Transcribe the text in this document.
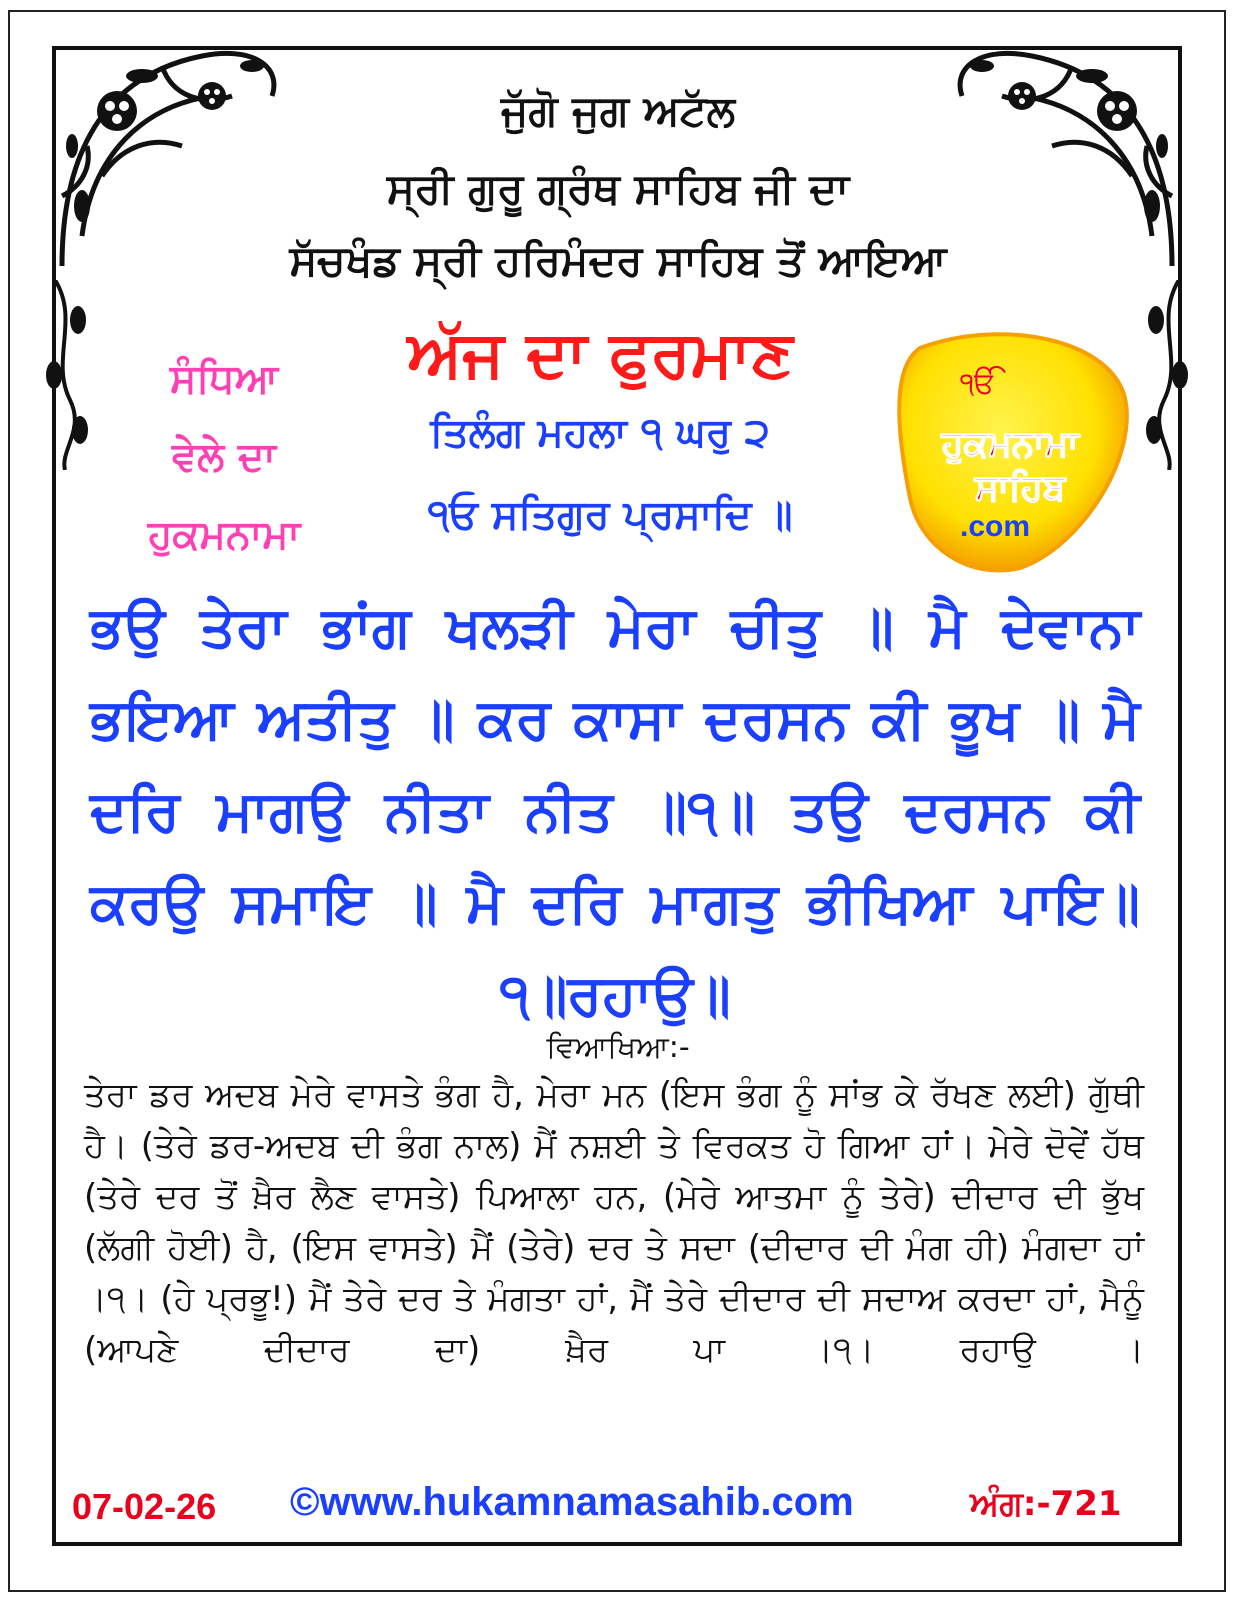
ਜੁੱਗੋ ਜੁਗ ਅਟੱਲ
ਸ੍ਰੀ ਗੁਰੂ ਗ੍ਰੰਥ ਸਾਹਿਬ ਜੀ ਦਾ
ਸੱਚਖੰਡ ਸ੍ਰੀ ਹਰਿਮੰਦਰ ਸਾਹਿਬ ਤੋਂ ਆਇਆ
ਸੰਧਿਆ
ਵੇਲੇ ਦਾ
ਹੁਕਮਨਾਮਾ
ਅੱਜ ਦਾ ਫੁਰਮਾਣ
ਤਿਲੰਗ ਮਹਲਾ ੧ ਘਰੁ ੨
੧ਓ ਸਤਿਗੁਰ ਪ੍ਰਸਾਦਿ ॥
ੴ
ਹੁਕਮਨਾਮਾ
ਸਾਹਿਬ
.com
ਭਉ ਤੇਰਾ ਭਾਂਗ ਖਲੜੀ ਮੇਰਾ ਚੀਤੁ ॥ ਮੈ ਦੇਵਾਨਾ ਭਇਆ ਅਤੀਤੁ ॥ ਕਰ ਕਾਸਾ ਦਰਸਨ ਕੀ ਭੂਖ ॥ ਮੈ ਦਰਿ ਮਾਗਉ ਨੀਤਾ ਨੀਤ ॥੧॥ ਤਉ ਦਰਸਨ ਕੀ ਕਰਉ ਸਮਾਇ ॥ ਮੈ ਦਰਿ ਮਾਗਤੁ ਭੀਖਿਆ ਪਾਇ॥੧॥ਰਹਾਉ॥
ਵਿਆਖਿਆ:-
ਤੇਰਾ ਡਰ ਅਦਬ ਮੇਰੇ ਵਾਸਤੇ ਭੰਗ ਹੈ, ਮੇਰਾ ਮਨ (ਇਸ ਭੰਗ ਨੂੰ ਸਾਂਭ ਕੇ ਰੱਖਣ ਲਈ) ਗੁੱਥੀ ਹੈ। (ਤੇਰੇ ਡਰ-ਅਦਬ ਦੀ ਭੰਗ ਨਾਲ) ਮੈਂ ਨਸ਼ਈ ਤੇ ਵਿਰਕਤ ਹੋ ਗਿਆ ਹਾਂ। ਮੇਰੇ ਦੋਵੇਂ ਹੱਥ (ਤੇਰੇ ਦਰ ਤੋਂ ਖ਼ੈਰ ਲੈਣ ਵਾਸਤੇ) ਪਿਆਲਾ ਹਨ, (ਮੇਰੇ ਆਤਮਾ ਨੂੰ ਤੇਰੇ) ਦੀਦਾਰ ਦੀ ਭੁੱਖ (ਲੱਗੀ ਹੋਈ) ਹੈ, (ਇਸ ਵਾਸਤੇ) ਮੈਂ (ਤੇਰੇ) ਦਰ ਤੇ ਸਦਾ (ਦੀਦਾਰ ਦੀ ਮੰਗ ਹੀ) ਮੰਗਦਾ ਹਾਂ ।੧। (ਹੇ ਪ੍ਰਭੂ!) ਮੈਂ ਤੇਰੇ ਦਰ ਤੇ ਮੰਗਤਾ ਹਾਂ, ਮੈਂ ਤੇਰੇ ਦੀਦਾਰ ਦੀ ਸਦਾਅ ਕਰਦਾ ਹਾਂ, ਮੈਨੂੰ (ਆਪਣੇ ਦੀਦਾਰ ਦਾ) ਖ਼ੈਰ ਪਾ ।੧। ਰਹਾਉ ।
07-02-26 ©www.hukamnamasahib.com	ਅੰਗ:-721
